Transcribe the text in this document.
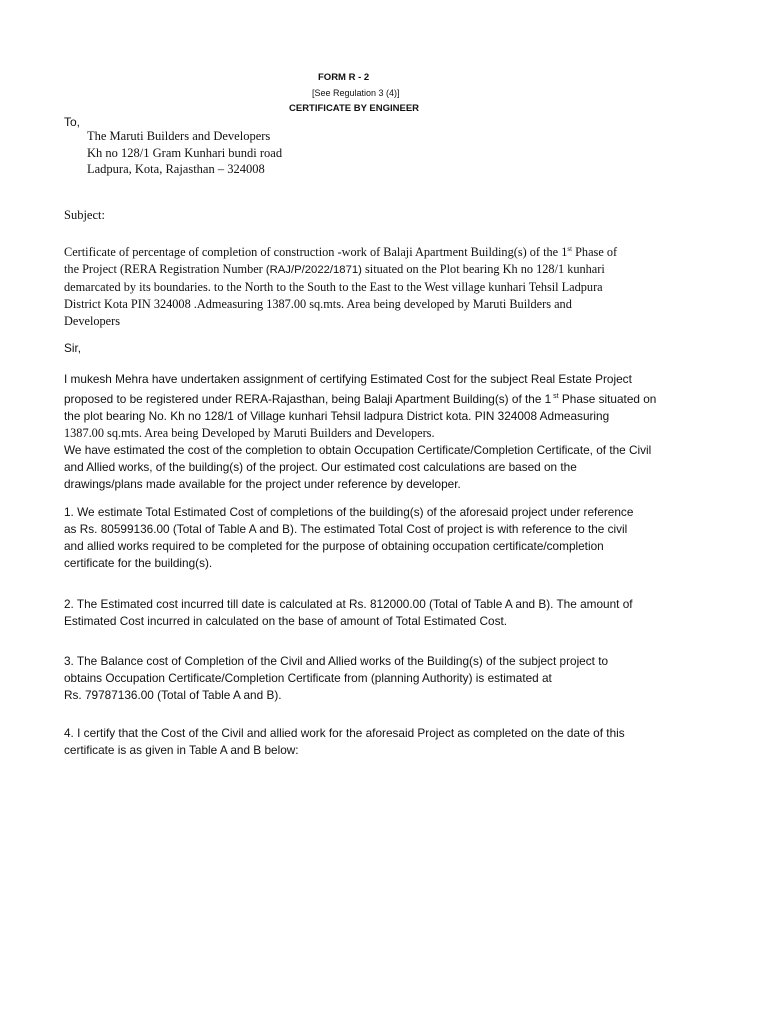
FORM R - 2
[See Regulation 3 (4)]
CERTIFICATE BY ENGINEER
To,
The Maruti Builders and Developers
Kh no 128/1 Gram Kunhari bundi road
Ladpura, Kota, Rajasthan – 324008
Subject:
Certificate of percentage of completion of construction -work of Balaji Apartment Building(s) of the 1st Phase of
the Project (RERA Registration Number (RAJ/P/2022/1871) situated on the Plot bearing Kh no 128/1 kunhari
demarcated by its boundaries. to the North to the South to the East to the West village kunhari Tehsil Ladpura
District Kota PIN 324008 .Admeasuring 1387.00 sq.mts. Area being developed by Maruti Builders and
Developers
Sir,
I mukesh Mehra have undertaken assignment of certifying Estimated Cost for the subject Real Estate Project
proposed to be registered under RERA-Rajasthan, being Balaji Apartment Building(s) of the 1 $^{st}$ Phase situated on
the plot bearing No. Kh no 128/1 of Village kunhari Tehsil ladpura District kota. PIN 324008 Admeasuring
1387.00 sq.mts. Area being Developed by Maruti Builders and Developers.
We have estimated the cost of the completion to obtain Occupation Certificate/Completion Certificate, of the Civil
and Allied works, of the building(s) of the project. Our estimated cost calculations are based on the
drawings/plans made available for the project under reference by developer.
1. We estimate Total Estimated Cost of completions of the building(s) of the aforesaid project under reference
as Rs. 80599136.00 (Total of Table A and B). The estimated Total Cost of project is with reference to the civil
and allied works required to be completed for the purpose of obtaining occupation certificate/completion
certificate for the building(s).
2. The Estimated cost incurred till date is calculated at Rs. 812000.00 (Total of Table A and B). The amount of
Estimated Cost incurred in calculated on the base of amount of Total Estimated Cost.
3. The Balance cost of Completion of the Civil and Allied works of the Building(s) of the subject project to
obtains Occupation Certificate/Completion Certificate from (planning Authority) is estimated at
Rs. 79787136.00 (Total of Table A and B).
4. I certify that the Cost of the Civil and allied work for the aforesaid Project as completed on the date of this
certificate is as given in Table A and B below:
